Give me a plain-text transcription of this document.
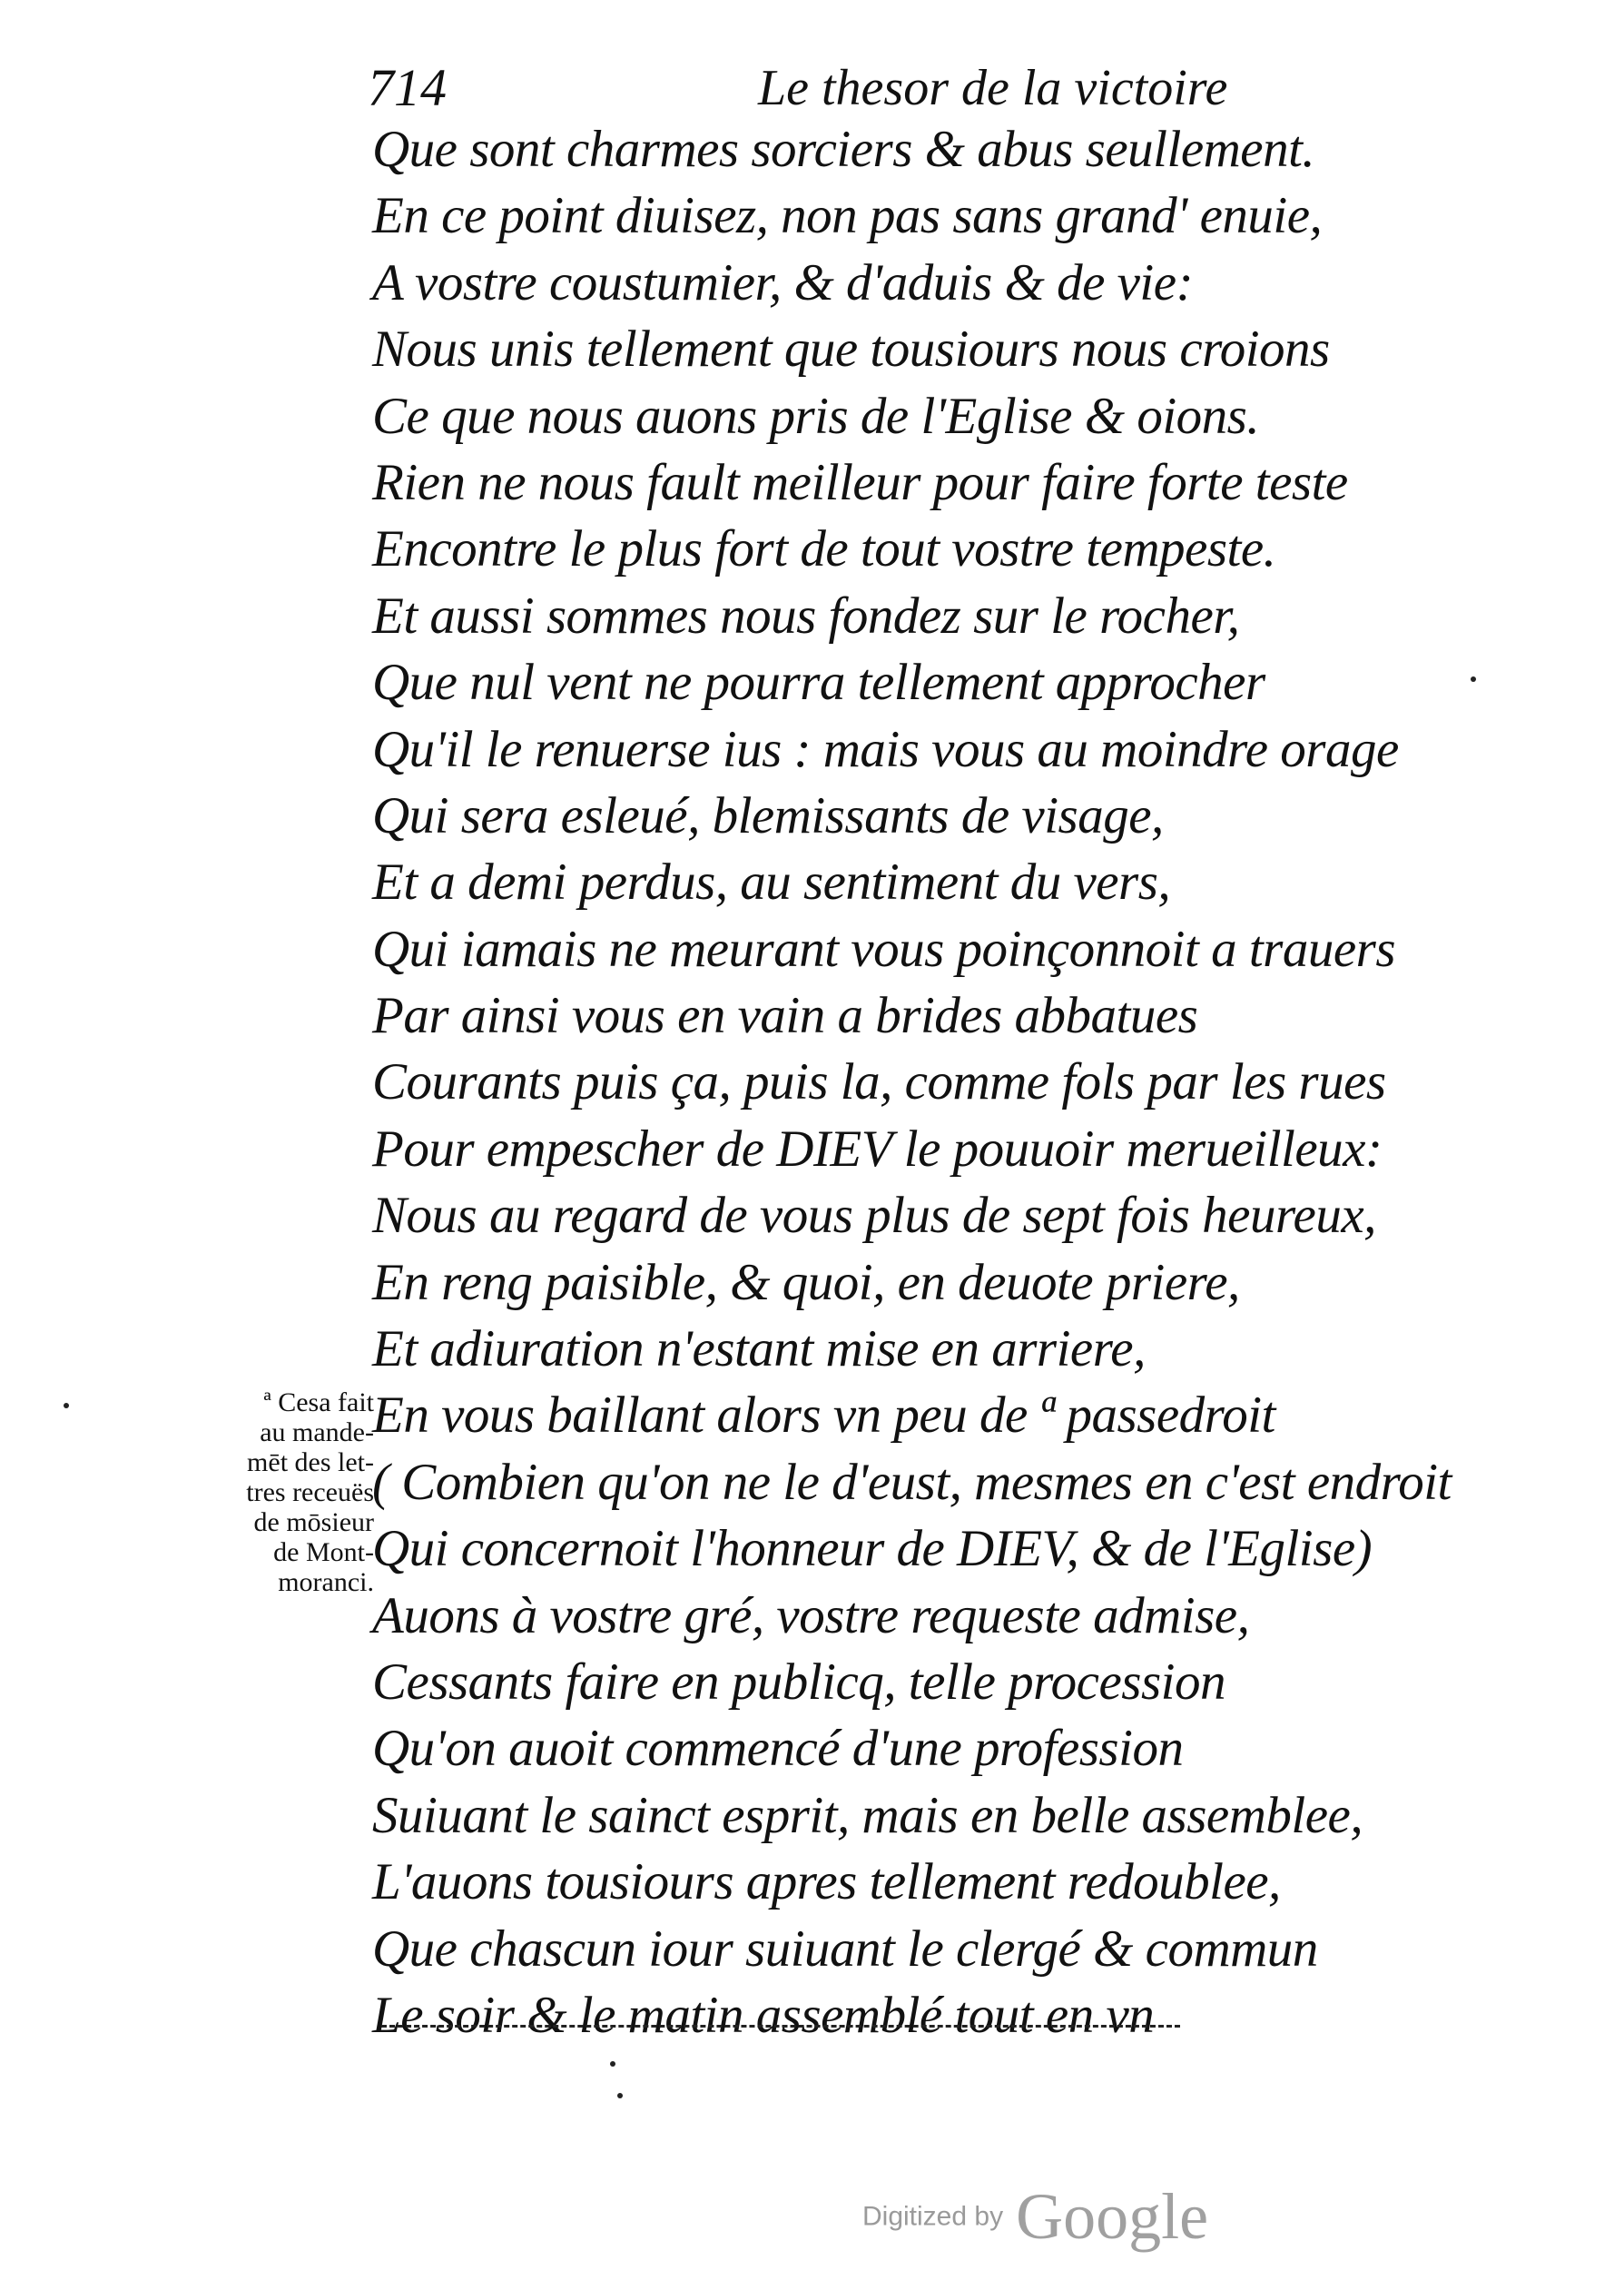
714	Le thesor de la victoire
Que sont charmes sorciers & abus seullement.
En ce point diuisez, non pas sans grand' enuie,
A vostre coustumier, & d'aduis & de vie:
Nous unis tellement que tousiours nous croions
Ce que nous auons pris de l'Eglise & oions.
Rien ne nous fault meilleur pour faire forte teste
Encontre le plus fort de tout vostre tempeste.
Et aussi sommes nous fondez sur le rocher,
Que nul vent ne pourra tellement approcher
Qu'il le renuerse ius : mais vous au moindre orage
Qui sera esleué, blemissants de visage,
Et a demi perdus, au sentiment du vers,
Qui iamais ne meurant vous poinçonnoit a trauers
Par ainsi vous en vain a brides abbatues
Courants puis ça, puis la, comme fols par les rues
Pour empescher de DIEV le pouuoir merueilleux:
Nous au regard de vous plus de sept fois heureux,
En reng paisible, & quoi, en deuote priere,
Et adiuration n'estant mise en arriere,
En vous baillant alors vn peu de ª passedroit
( Combien qu'on ne le d'eust, mesmes en c'est endroit
Qui concernoit l'honneur de DIEV, & de l'Eglise)
Auons à vostre gré, vostre requeste admise,
Cessants faire en publicq, telle procession
Qu'on auoit commencé d'une profession
Suiuant le sainct esprit, mais en belle assemblee,
L'auons tousiours apres tellement redoublee,
Que chascun iour suiuant le clergé & commun
Le soir & le matin assemblé tout en vn
ª Cesa fait
au mande-
mēt des let-
tres receuës
de mōsieur
de Mont-
moranci.
Digitized by Google
